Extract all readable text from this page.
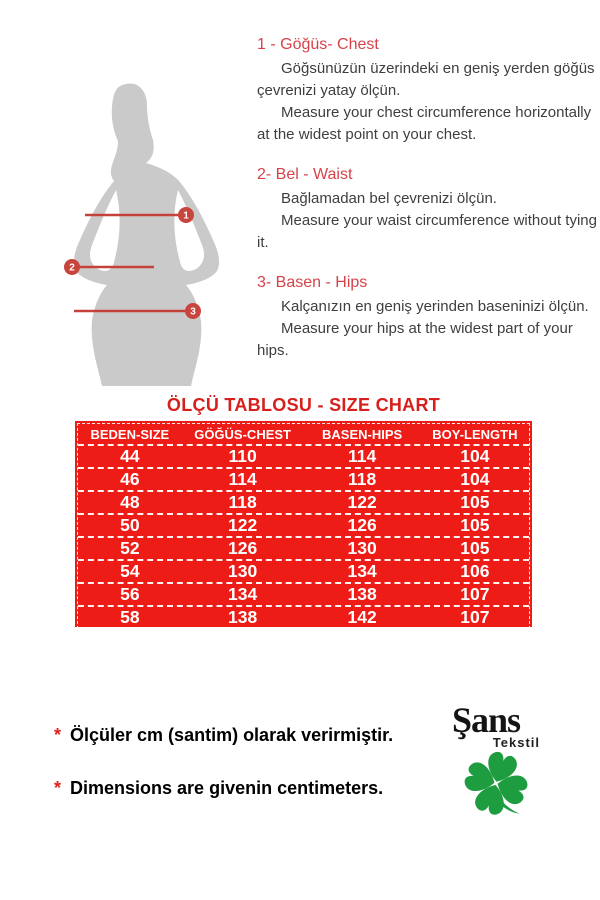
1
2
3
1 - Göğüs- Chest

Göğsünüzün üzerindeki en geniş yerden göğüs çevrenizi yatay ölçün.

Measure your chest circumference horizontally at the widest point on your chest.

2- Bel - Waist

Bağlamadan bel çevrenizi ölçün.

Measure your waist circumference without tying it.

3- Basen - Hips

Kalçanızın en geniş yerinden baseninizi ölçün.

Measure your hips at the widest part of your hips.

ÖLÇÜ TABLOSU - SIZE CHART
BEDEN-SIZE	GÖĞÜS-CHEST	BASEN-HIPS	BOY-LENGTH
44	110	114	104
46	114	118	104
48	118	122	105
50	122	126	105
52	126	130	105
54	130	134	106
56	134	138	107
58	138	142	107
* Ölçüler cm (santim) olarak verirmiştir.
* Dimensions are givenin centimeters.
Şans
Tekstil
